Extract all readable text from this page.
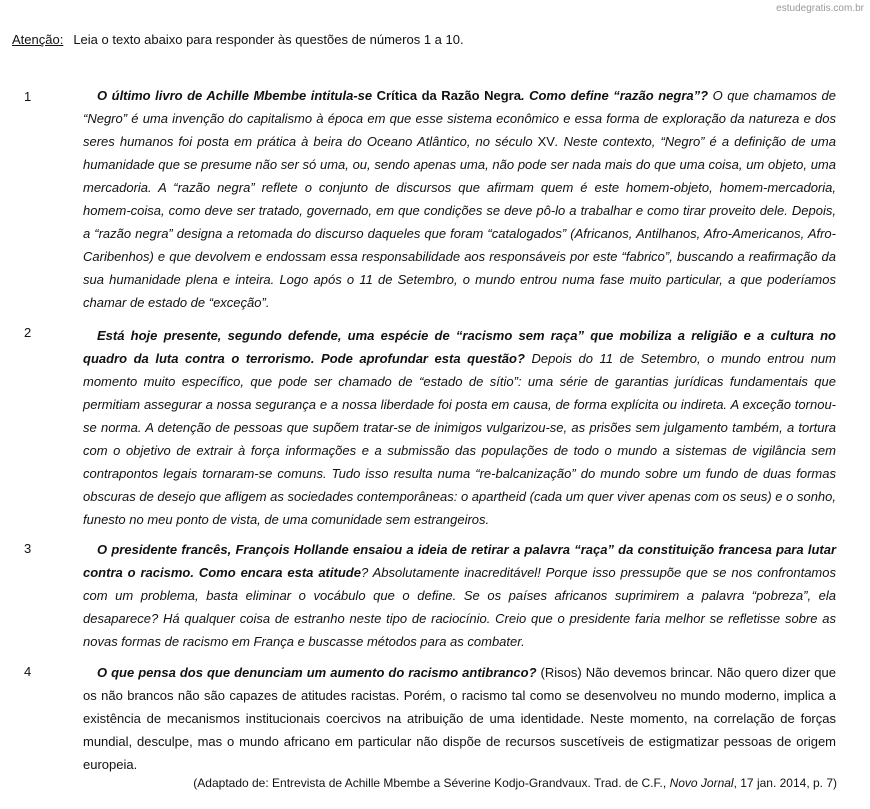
estudegratis.com.br
Atenção: Leia o texto abaixo para responder às questões de números 1 a 10.
1	O último livro de Achille Mbembe intitula-se Crítica da Razão Negra. Como define “razão negra”? O que chamamos de “Negro” é uma invenção do capitalismo à época em que esse sistema econômico e essa forma de exploração da natureza e dos seres humanos foi posta em prática à beira do Oceano Atlântico, no século XV. Neste contexto, “Negro” é a definição de uma humanidade que se presume não ser só uma, ou, sendo apenas uma, não pode ser nada mais do que uma coisa, um objeto, uma mercadoria. A “razão negra” reflete o conjunto de discursos que afirmam quem é este homem-objeto, homem-mercadoria, homem-coisa, como deve ser tratado, governado, em que condições se deve pô-lo a trabalhar e como tirar proveito dele. Depois, a “razão negra” designa a retomada do discurso daqueles que foram “catalogados” (Africanos, Antilhanos, Afro-Americanos, Afro-Caribenhos) e que devolvem e endossam essa responsabilidade aos responsáveis por este “fabrico”, buscando a reafirmação da sua humanidade plena e inteira. Logo após o 11 de Setembro, o mundo entrou numa fase muito particular, a que poderíamos chamar de estado de “exceção”.
2	Está hoje presente, segundo defende, uma espécie de “racismo sem raça” que mobiliza a religião e a cultura no quadro da luta contra o terrorismo. Pode aprofundar esta questão? Depois do 11 de Setembro, o mundo entrou num momento muito específico, que pode ser chamado de “estado de sítio”: uma série de garantias jurídicas fundamentais que permitiam assegurar a nossa segurança e a nossa liberdade foi posta em causa, de forma explícita ou indireta. A exceção tornou-se norma. A detenção de pessoas que supõem tratar-se de inimigos vulgarizou-se, as prisões sem julgamento também, a tortura com o objetivo de extrair à força informações e a submissão das populações de todo o mundo a sistemas de vigilância sem contrapontos legais tornaram-se comuns. Tudo isso resulta numa “re-balcanização” do mundo sobre um fundo de duas formas obscuras de desejo que afligem as sociedades contemporâneas: o apartheid (cada um quer viver apenas com os seus) e o sonho, funesto no meu ponto de vista, de uma comunidade sem estrangeiros.
3	O presidente francês, François Hollande ensaiou a ideia de retirar a palavra “raça” da constituição francesa para lutar contra o racismo. Como encara esta atitude? Absolutamente inacreditável! Porque isso pressupõe que se nos confrontamos com um problema, basta eliminar o vocábulo que o define. Se os países africanos suprimirem a palavra “pobreza”, ela desaparece? Há qualquer coisa de estranho neste tipo de raciocínio. Creio que o presidente faria melhor se refletisse sobre as novas formas de racismo em França e buscasse métodos para as combater.
4	O que pensa dos que denunciam um aumento do racismo antibranco? (Risos) Não devemos brincar. Não quero dizer que os não brancos não são capazes de atitudes racistas. Porém, o racismo tal como se desenvolveu no mundo moderno, implica a existência de mecanismos institucionais coercivos na atribuição de uma identidade. Neste momento, na correlação de forças mundial, desculpe, mas o mundo africano em particular não dispõe de recursos suscetíveis de estigmatizar pessoas de origem europeia.
(Adaptado de: Entrevista de Achille Mbembe a Séverine Kodjo-Grandvaux. Trad. de C.F., Novo Jornal, 17 jan. 2014, p. 7)
